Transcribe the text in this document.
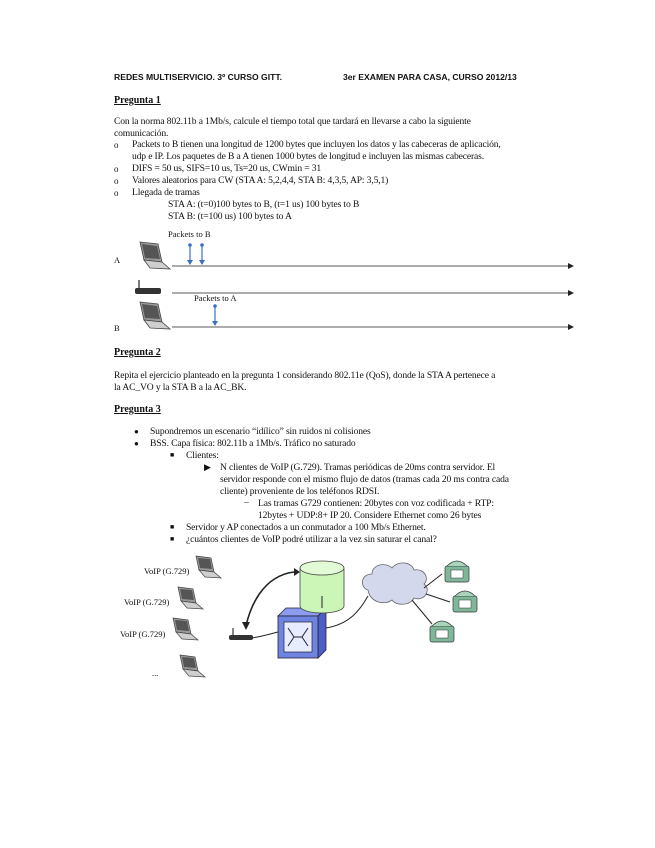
REDES MULTISERVICIO. 3º CURSO GITT.	3er EXAMEN PARA CASA, CURSO 2012/13
Pregunta 1
Con la norma 802.11b a 1Mb/s, calcule el tiempo total que tardará en llevarse a cabo la siguiente
comunicación.
o Packets to B tienen una longitud de 1200 bytes que incluyen los datos y las cabeceras de aplicación,
udp e IP. Los paquetes de B a A tienen 1000 bytes de longitud e incluyen las mismas cabeceras.
o DIFS = 50 us, SIFS=10 us, Ts=20 us, CWmin = 31
o Valores aleatorios para CW (STA A: 5,2,4,4, STA B: 4,3,5, AP: 3,5,1)
o Llegada de tramas
STA A: (t=0)100 bytes to B, (t=1 us) 100 bytes to B
STA B: (t=100 us) 100 bytes to A
A
B
Packets to B
Packets to A
Pregunta 2
Repita el ejercicio planteado en la pregunta 1 considerando 802.11e (QoS), donde la STA A pertenece a
la AC_VO y la STA B a la AC_BK.
Pregunta 3
● Supondremos un escenario “idílico” sin ruidos ni colisiones
● BSS. Capa física: 802.11b a 1Mb/s. Tráfico no saturado
■ Clientes:
▶ N clientes de VoIP (G.729). Tramas periódicas de 20ms contra servidor. El
servidor responde con el mismo flujo de datos (tramas cada 20 ms contra cada
cliente) proveniente de los teléfonos RDSI.
– Las tramas G729 contienen: 20bytes con voz codificada + RTP:
12bytes + UDP:8+ IP 20. Considere Ethernet como 26 bytes
■ Servidor y AP conectados a un conmutador a 100 Mb/s Ethernet.
■ ¿cuántos clientes de VoIP podré utilizar a la vez sin saturar el canal?
VoIP (G.729)
VoIP (G.729)
VoIP (G.729)
...
